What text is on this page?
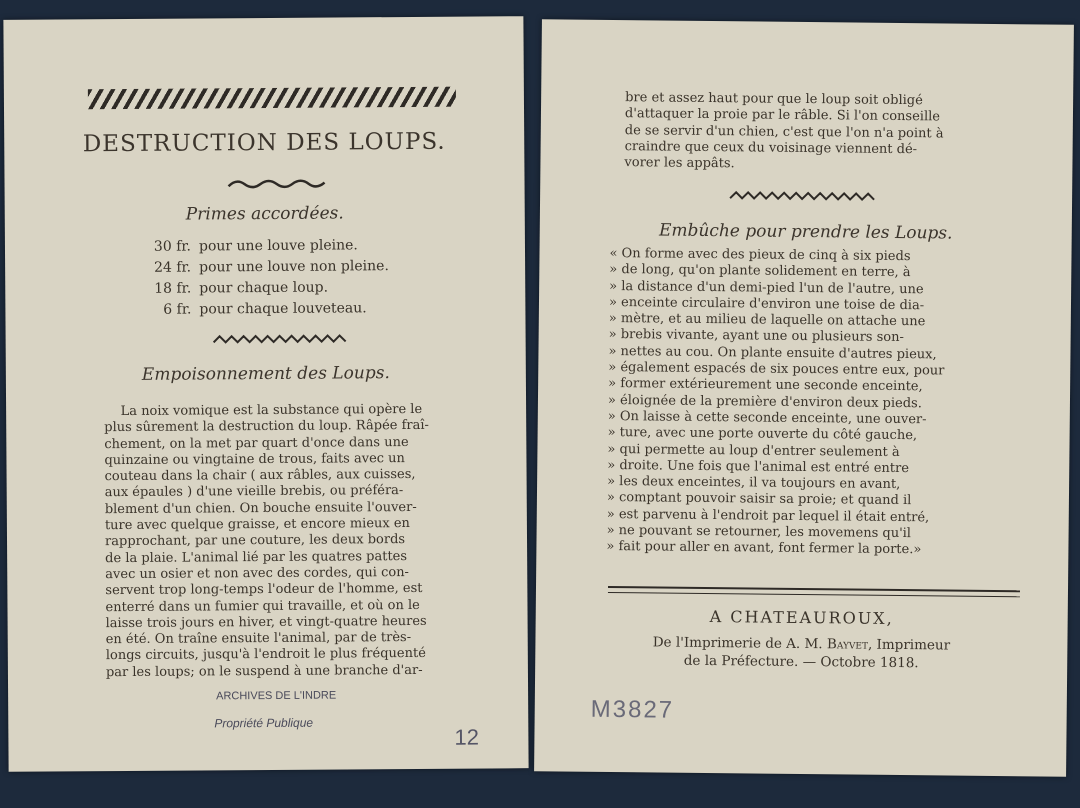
DESTRUCTION DES LOUPS.
Primes accordées.
30 fr. pour une louve pleine.
24 fr. pour une louve non pleine.
18 fr. pour chaque loup.
6 fr. pour chaque louveteau.
Empoisonnement des Loups.
La noix vomique est la substance qui opère le
plus sûrement la destruction du loup. Râpée fraî-
chement, on la met par quart d'once dans une
quinzaine ou vingtaine de trous, faits avec un
couteau dans la chair ( aux râbles, aux cuisses,
aux épaules ) d'une vieille brebis, ou préféra-
blement d'un chien. On bouche ensuite l'ouver-
ture avec quelque graisse, et encore mieux en
rapprochant, par une couture, les deux bords
de la plaie. L'animal lié par les quatres pattes
avec un osier et non avec des cordes, qui con-
servent trop long-temps l'odeur de l'homme, est
enterré dans un fumier qui travaille, et où on le
laisse trois jours en hiver, et vingt-quatre heures
en été. On traîne ensuite l'animal, par de très-
longs circuits, jusqu'à l'endroit le plus fréquenté
par les loups; on le suspend à une branche d'ar-
ARCHIVES DE L'INDRE
Propriété Publique
12
bre et assez haut pour que le loup soit obligé
d'attaquer la proie par le râble. Si l'on conseille
de se servir d'un chien, c'est que l'on n'a point à
craindre que ceux du voisinage viennent dé-
vorer les appâts.
Embûche pour prendre les Loups.
« On forme avec des pieux de cinq à six pieds
» de long, qu'on plante solidement en terre, à
» la distance d'un demi-pied l'un de l'autre, une
» enceinte circulaire d'environ une toise de dia-
» mètre, et au milieu de laquelle on attache une
» brebis vivante, ayant une ou plusieurs son-
» nettes au cou. On plante ensuite d'autres pieux,
» également espacés de six pouces entre eux, pour
» former extérieurement une seconde enceinte,
» éloignée de la première d'environ deux pieds.
» On laisse à cette seconde enceinte, une ouver-
» ture, avec une porte ouverte du côté gauche,
» qui permette au loup d'entrer seulement à
» droite. Une fois que l'animal est entré entre
» les deux enceintes, il va toujours en avant,
» comptant pouvoir saisir sa proie; et quand il
» est parvenu à l'endroit par lequel il était entré,
» ne pouvant se retourner, les movemens qu'il
» fait pour aller en avant, font fermer la porte.»
A CHATEAUROUX,
De l'Imprimerie de A. M. Bayvet, Imprimeur
de la Préfecture. — Octobre 1818.
M3827
